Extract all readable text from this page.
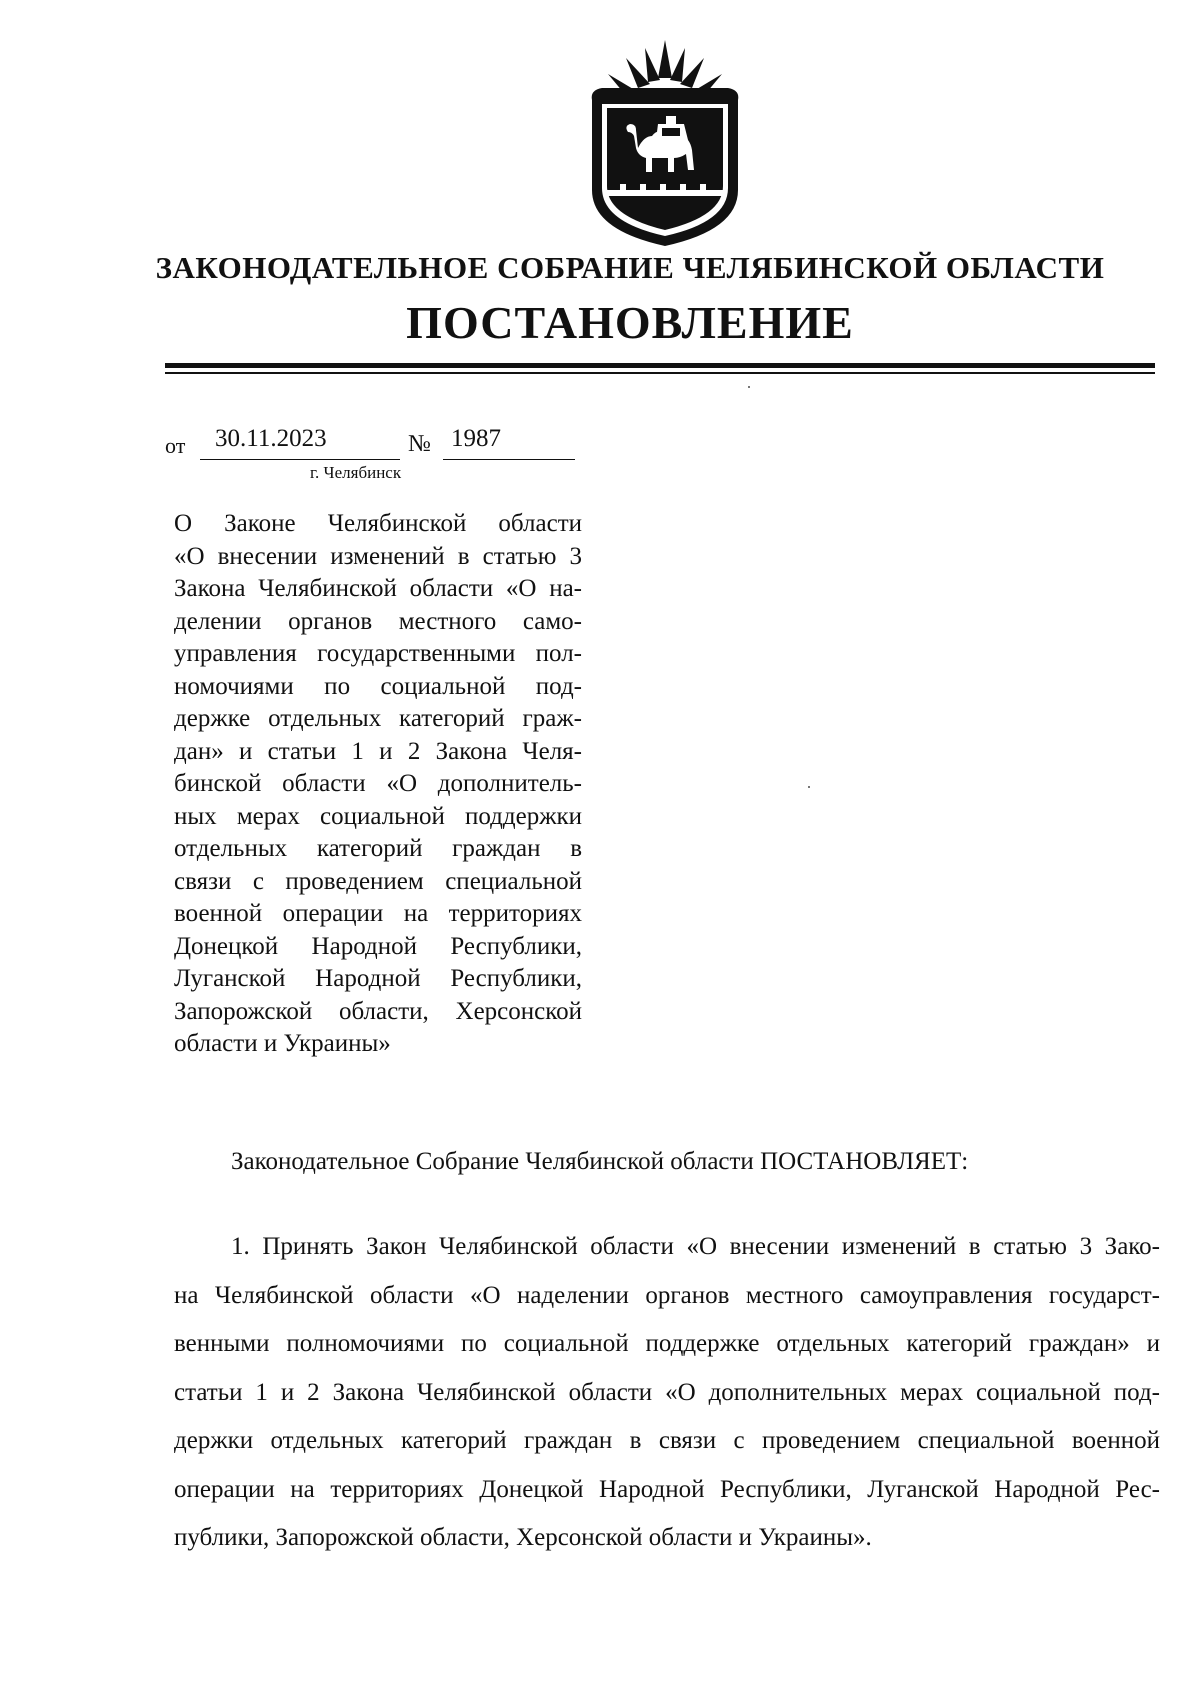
ЗАКОНОДАТЕЛЬНОЕ СОБРАНИЕ ЧЕЛЯБИНСКОЙ ОБЛАСТИ
ПОСТАНОВЛЕНИЕ
от 30.11.2023	№ 1987
г. Челябинск
О Законе Челябинской области
«О внесении изменений в статью 3
Закона Челябинской области «О на-
делении органов местного само-
управления государственными пол-
номочиями по социальной под-
держке отдельных категорий граж-
дан» и статьи 1 и 2 Закона Челя-
бинской области «О дополнитель-
ных мерах социальной поддержки
отдельных категорий граждан в
связи с проведением специальной
военной операции на территориях
Донецкой Народной Республики,
Луганской Народной Республики,
Запорожской области, Херсонской
области и Украины»
Законодательное Собрание Челябинской области ПОСТАНОВЛЯЕТ:
1. Принять Закон Челябинской области «О внесении изменений в статью 3 Зако-
на Челябинской области «О наделении органов местного самоуправления государст-
венными полномочиями по социальной поддержке отдельных категорий граждан» и
статьи 1 и 2 Закона Челябинской области «О дополнительных мерах социальной под-
держки отдельных категорий граждан в связи с проведением специальной военной
операции на территориях Донецкой Народной Республики, Луганской Народной Рес-
публики, Запорожской области, Херсонской области и Украины».
